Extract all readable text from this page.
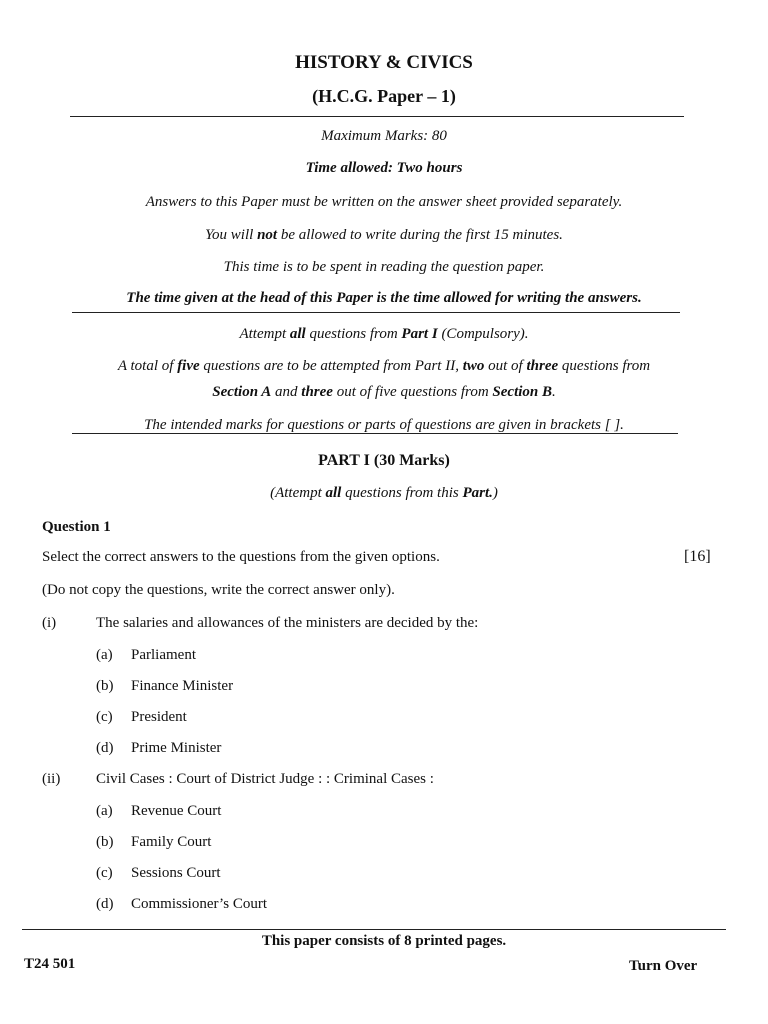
HISTORY & CIVICS
(H.C.G. Paper – 1)
Maximum Marks: 80
Time allowed: Two hours
Answers to this Paper must be written on the answer sheet provided separately.
You will not be allowed to write during the first 15 minutes.
This time is to be spent in reading the question paper.
The time given at the head of this Paper is the time allowed for writing the answers.
Attempt all questions from Part I (Compulsory).
A total of five questions are to be attempted from Part II, two out of three questions from
Section A and three out of five questions from Section B.
The intended marks for questions or parts of questions are given in brackets [ ].
PART I (30 Marks)
(Attempt all questions from this Part.)
Question 1
Select the correct answers to the questions from the given options.	[16]
(Do not copy the questions, write the correct answer only).
(i)	The salaries and allowances of the ministers are decided by the:
(a) Parliament
(b) Finance Minister
(c) President
(d) Prime Minister
(ii) Civil Cases : Court of District Judge : : Criminal Cases :
(a) Revenue Court
(b) Family Court
(c) Sessions Court
(d) Commissioner’s Court
This paper consists of 8 printed pages.
T24 501	Turn Over
